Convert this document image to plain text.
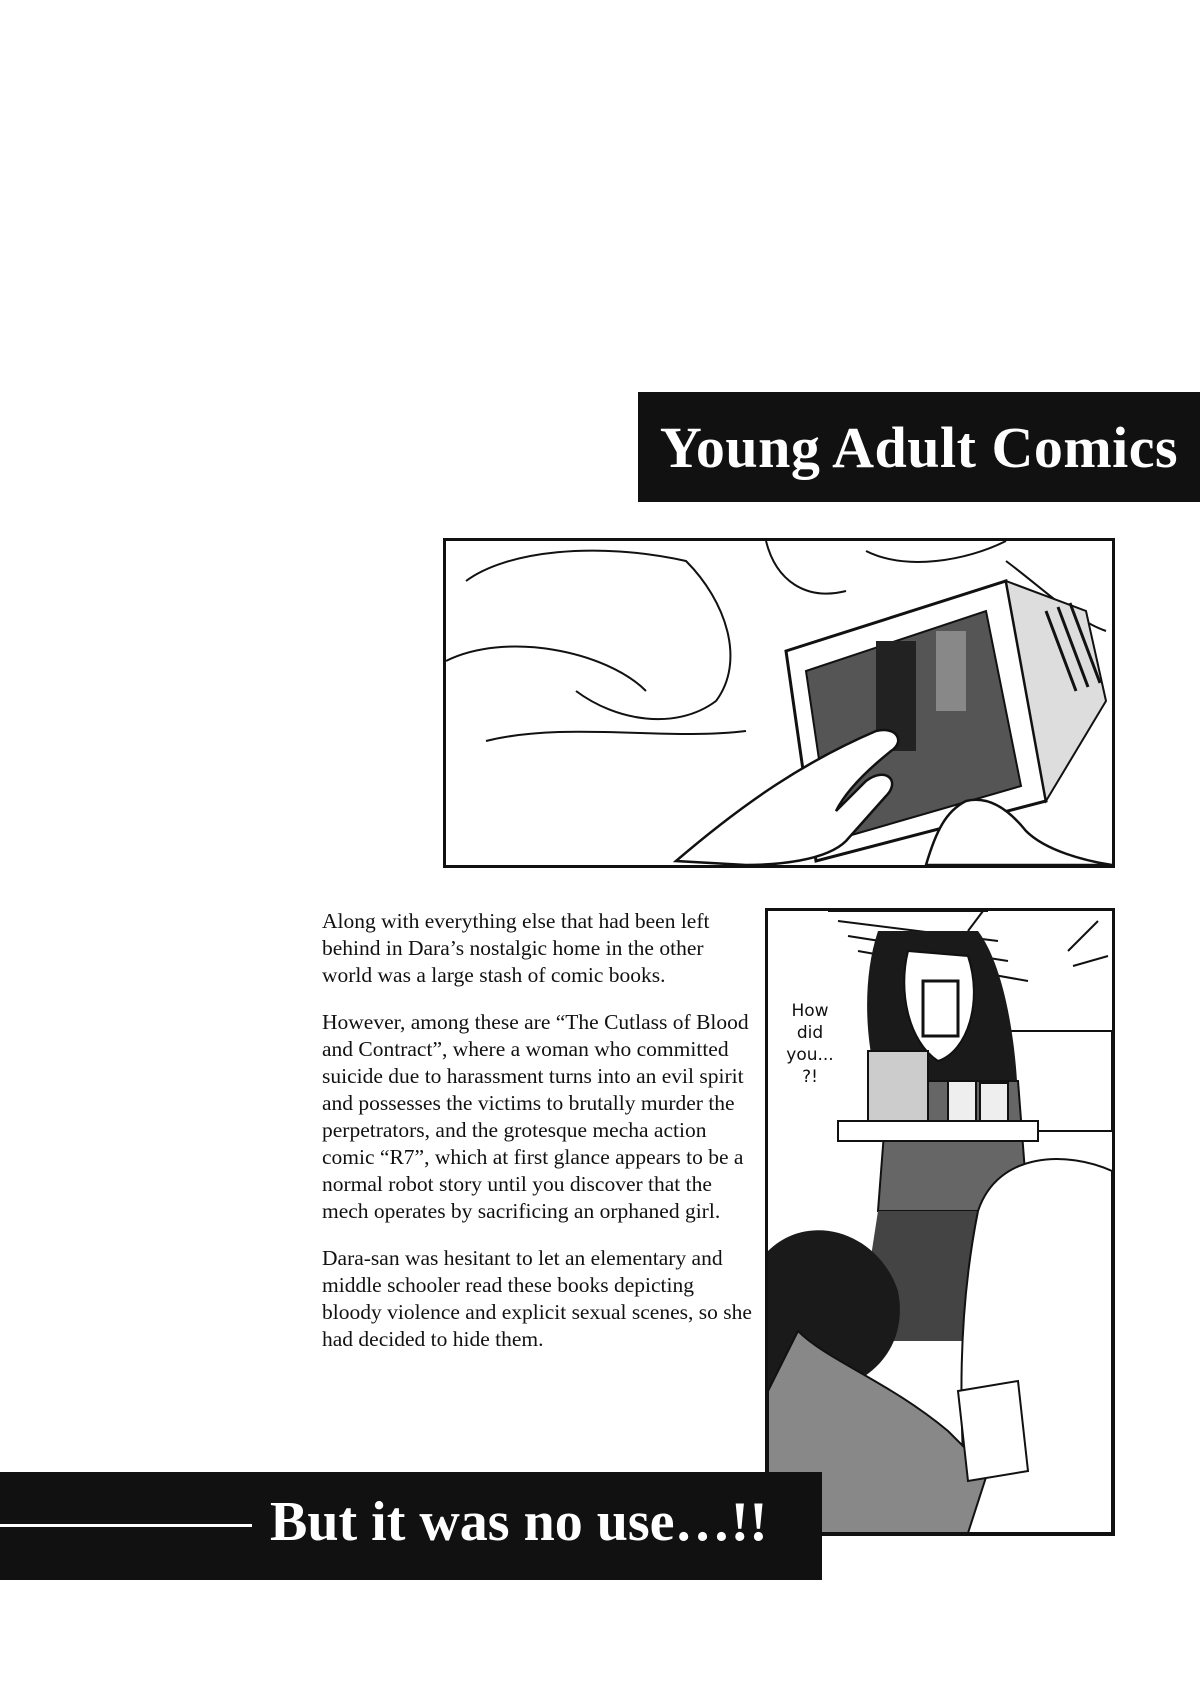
Young Adult Comics

Along with everything else that had been left behind in Dara’s nostalgic home in the other world was a large stash of comic books.

However, among these are “The Cutlass of Blood and Contract”, where a woman who committed suicide due to harassment turns into an evil spirit and possesses the victims to brutally murder the perpetrators, and the grotesque mecha action comic “R7”, which at first glance appears to be a normal robot story until you discover that the mech operates by sacrificing an orphaned girl.

Dara-san was hesitant to let an elementary and middle schooler read these books depicting bloody violence and explicit sexual scenes, so she had decided to hide them.

How
did
you...
?!
But it was no use…!!
